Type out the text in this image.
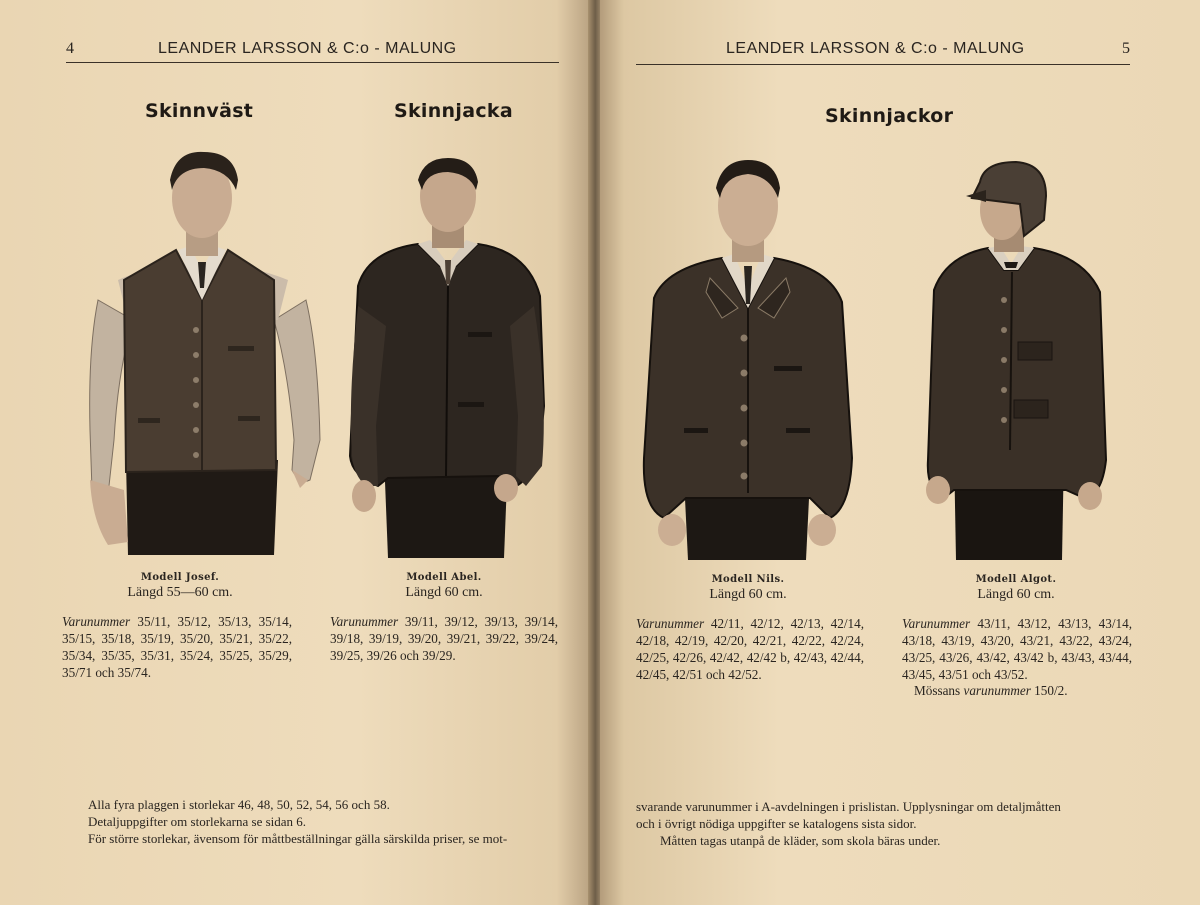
4	LEANDER LARSSON & C:o - MALUNG
Skinnväst	Skinnjacka
Modell Josef.
Längd 55—60 cm.
Varunummer 35/11, 35/12, 35/13, 35/14, 35/15, 35/18, 35/19, 35/20, 35/21, 35/22, 35/34, 35/35, 35/31, 35/24, 35/25, 35/29, 35/71 och 35/74.
Modell Abel.
Längd 60 cm.
Varunummer 39/11, 39/12, 39/13, 39/14, 39/18, 39/19, 39/20, 39/21, 39/22, 39/24, 39/25, 39/26 och 39/29.

Alla fyra plaggen i storlekar 46, 48, 50, 52, 54, 56 och 58.

Detaljuppgifter om storlekarna se sidan 6.

För större storlekar, ävensom för måttbeställningar gälla särskilda priser, se mot-

LEANDER LARSSON & C:o - MALUNG	5
Skinnjackor
Modell Nils.
Längd 60 cm.
Varunummer 42/11, 42/12, 42/13, 42/14, 42/18, 42/19, 42/20, 42/21, 42/22, 42/24, 42/25, 42/26, 42/42, 42/42 b, 42/43, 42/44, 42/45, 42/51 och 42/52.
Modell Algot.
Längd 60 cm.
Varunummer 43/11, 43/12, 43/13, 43/14, 43/18, 43/19, 43/20, 43/21, 43/22, 43/24, 43/25, 43/26, 43/42, 43/42 b, 43/43, 43/44, 43/45, 43/51 och 43/52.
Mössans varunummer 150/2.

svarande varunummer i A-avdelningen i prislistan. Upplysningar om detaljmåtten

och i övrigt nödiga uppgifter se katalogens sista sidor.

Måtten tagas utanpå de kläder, som skola bäras under.
